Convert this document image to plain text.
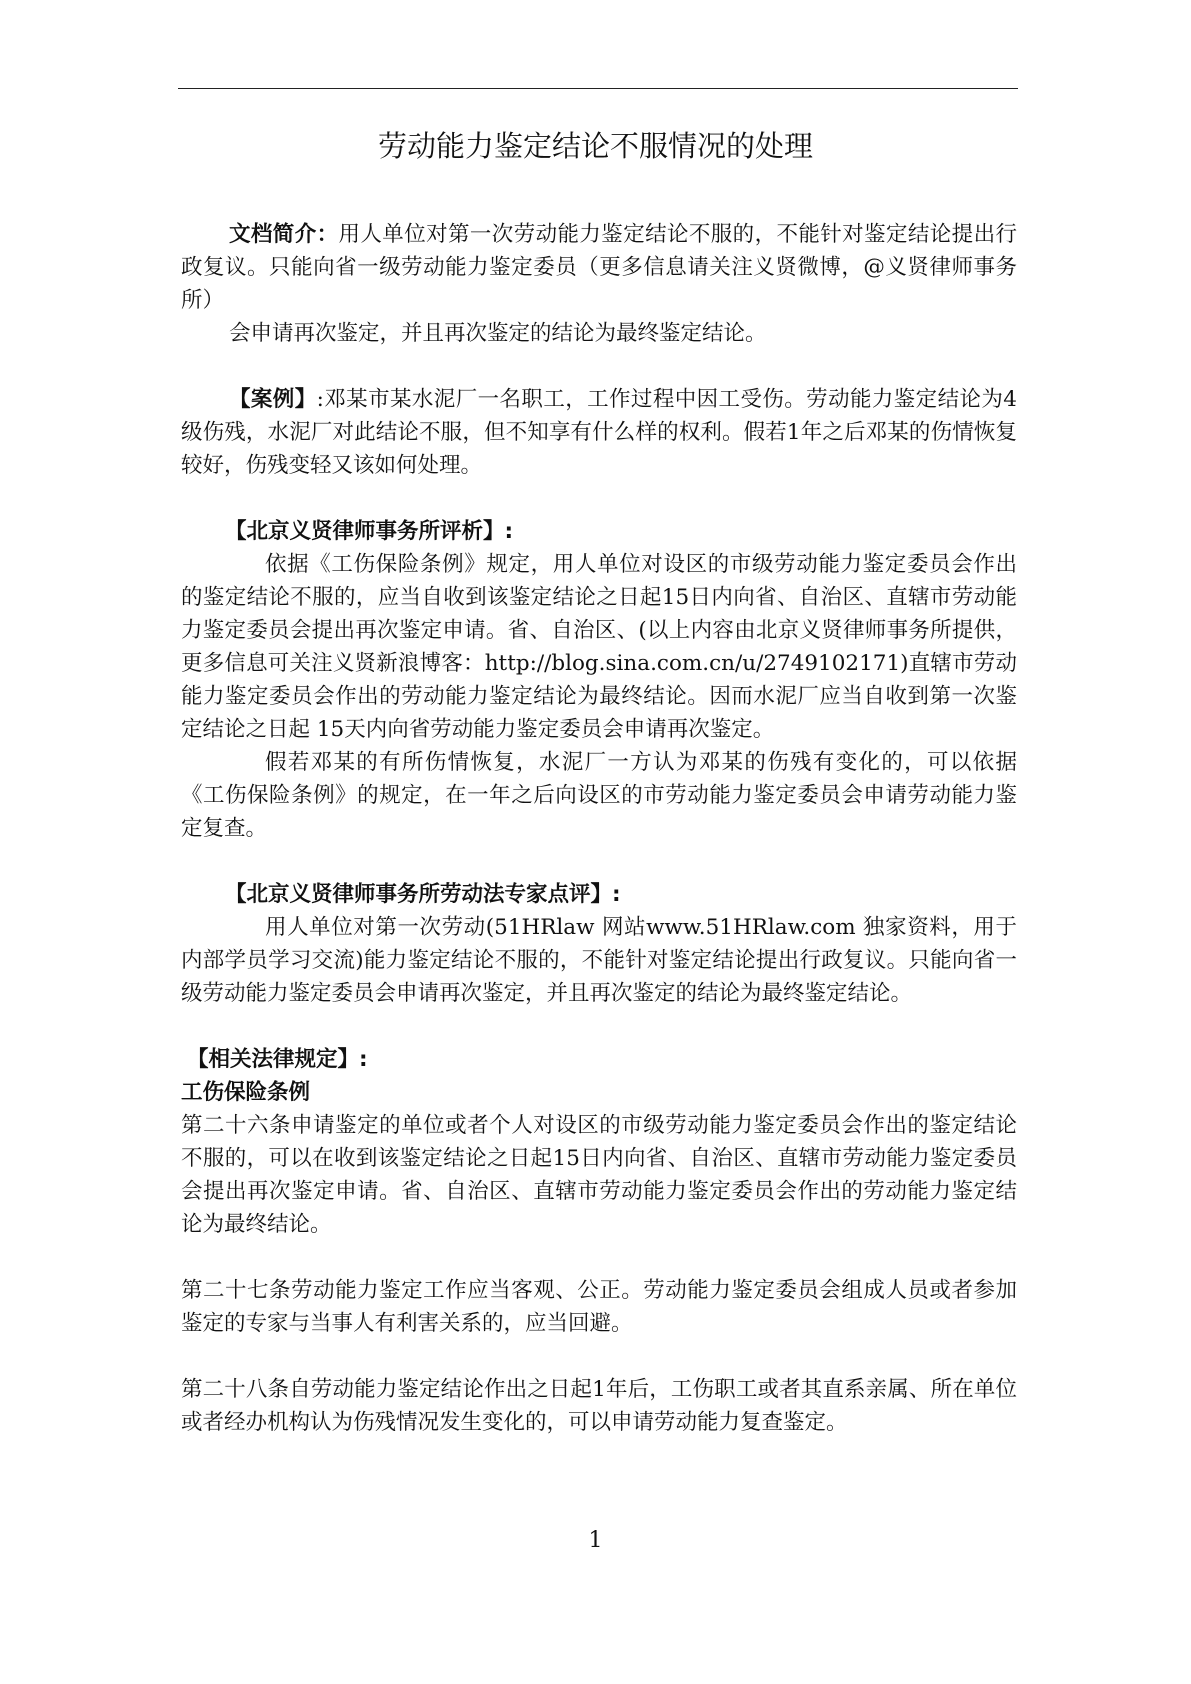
劳动能力鉴定结论不服情况的处理

文档简介：用人单位对第一次劳动能力鉴定结论不服的，不能针对鉴定结论提出行政复议。只能向省一级劳动能力鉴定委员（更多信息请关注义贤微博，@义贤律师事务所）

会申请再次鉴定，并且再次鉴定的结论为最终鉴定结论。

【案例】:邓某市某水泥厂一名职工，工作过程中因工受伤。劳动能力鉴定结论为4级伤残，水泥厂对此结论不服，但不知享有什么样的权利。假若1年之后邓某的伤情恢复较好，伤残变轻又该如何处理。

【北京义贤律师事务所评析】:

依据《工伤保险条例》规定，用人单位对设区的市级劳动能力鉴定委员会作出的鉴定结论不服的，应当自收到该鉴定结论之日起15日内向省、自治区、直辖市劳动能力鉴定委员会提出再次鉴定申请。省、自治区、(以上内容由北京义贤律师事务所提供，更多信息可关注义贤新浪博客：http://blog.sina.com.cn/u/2749102171)直辖市劳动能力鉴定委员会作出的劳动能力鉴定结论为最终结论。因而水泥厂应当自收到第一次鉴定结论之日起 15天内向省劳动能力鉴定委员会申请再次鉴定。

假若邓某的有所伤情恢复，水泥厂一方认为邓某的伤残有变化的，可以依据《工伤保险条例》的规定，在一年之后向设区的市劳动能力鉴定委员会申请劳动能力鉴定复查。

【北京义贤律师事务所劳动法专家点评】:

用人单位对第一次劳动(51HRlaw 网站www.51HRlaw.com 独家资料，用于内部学员学习交流)能力鉴定结论不服的，不能针对鉴定结论提出行政复议。只能向省一级劳动能力鉴定委员会申请再次鉴定，并且再次鉴定的结论为最终鉴定结论。

【相关法律规定】:

工伤保险条例

第二十六条申请鉴定的单位或者个人对设区的市级劳动能力鉴定委员会作出的鉴定结论不服的，可以在收到该鉴定结论之日起15日内向省、自治区、直辖市劳动能力鉴定委员会提出再次鉴定申请。省、自治区、直辖市劳动能力鉴定委员会作出的劳动能力鉴定结论为最终结论。

第二十七条劳动能力鉴定工作应当客观、公正。劳动能力鉴定委员会组成人员或者参加鉴定的专家与当事人有利害关系的，应当回避。

第二十八条自劳动能力鉴定结论作出之日起1年后，工伤职工或者其直系亲属、所在单位或者经办机构认为伤残情况发生变化的，可以申请劳动能力复查鉴定。

1
